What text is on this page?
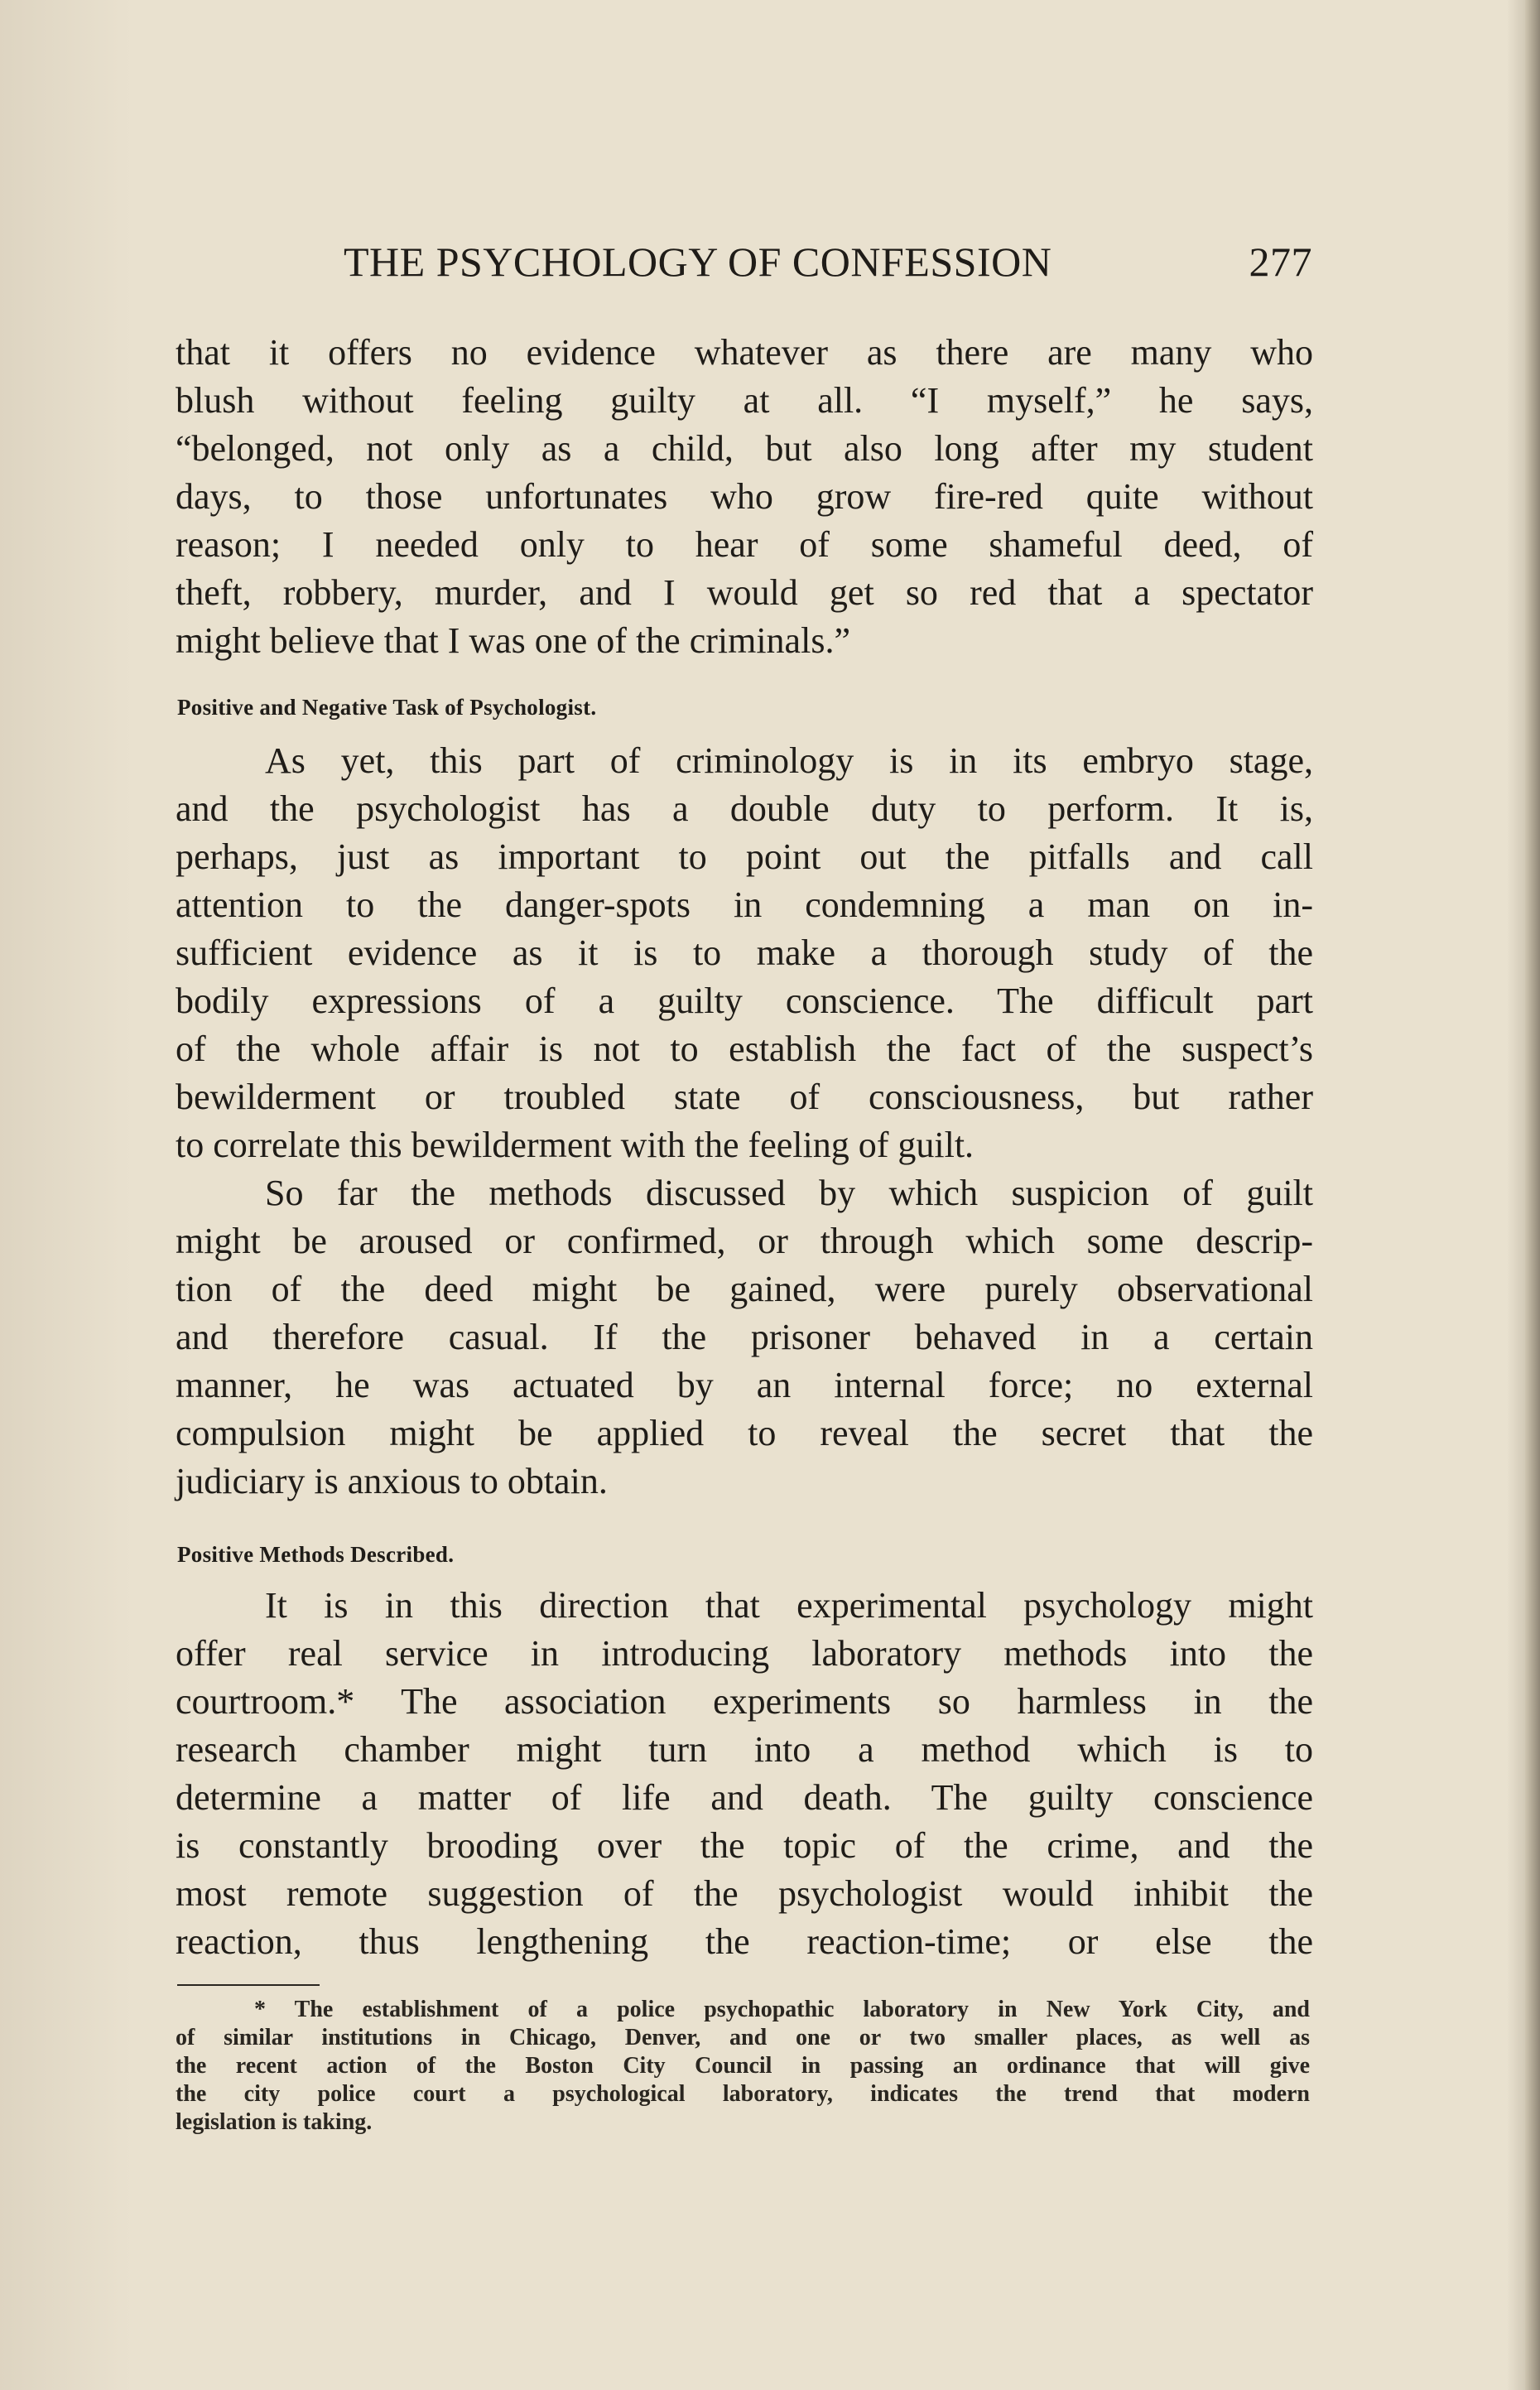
THE PSYCHOLOGY OF CONFESSION	277
that it offers no evidence whatever as there are many who
blush without feeling guilty at all. “I myself,” he says,
“belonged, not only as a child, but also long after my student
days, to those unfortunates who grow fire-red quite without
reason; I needed only to hear of some shameful deed, of
theft, robbery, murder, and I would get so red that a spectator
might believe that I was one of the criminals.”
Positive and Negative Task of Psychologist.
As yet, this part of criminology is in its embryo stage,
and the psychologist has a double duty to perform. It is,
perhaps, just as important to point out the pitfalls and call
attention to the danger-spots in condemning a man on in-
sufficient evidence as it is to make a thorough study of the
bodily expressions of a guilty conscience. The difficult part
of the whole affair is not to establish the fact of the suspect’s
bewilderment or troubled state of consciousness, but rather
to correlate this bewilderment with the feeling of guilt.
So far the methods discussed by which suspicion of guilt
might be aroused or confirmed, or through which some descrip-
tion of the deed might be gained, were purely observational
and therefore casual. If the prisoner behaved in a certain
manner, he was actuated by an internal force; no external
compulsion might be applied to reveal the secret that the
judiciary is anxious to obtain.
Positive Methods Described.
It is in this direction that experimental psychology might
offer real service in introducing laboratory methods into the
courtroom.* The association experiments so harmless in the
research chamber might turn into a method which is to
determine a matter of life and death. The guilty conscience
is constantly brooding over the topic of the crime, and the
most remote suggestion of the psychologist would inhibit the
reaction, thus lengthening the reaction-time; or else the
* The establishment of a police psychopathic laboratory in New York City, and
of similar institutions in Chicago, Denver, and one or two smaller places, as well as
the recent action of the Boston City Council in passing an ordinance that will give
the city police court a psychological laboratory, indicates the trend that modern
legislation is taking.
